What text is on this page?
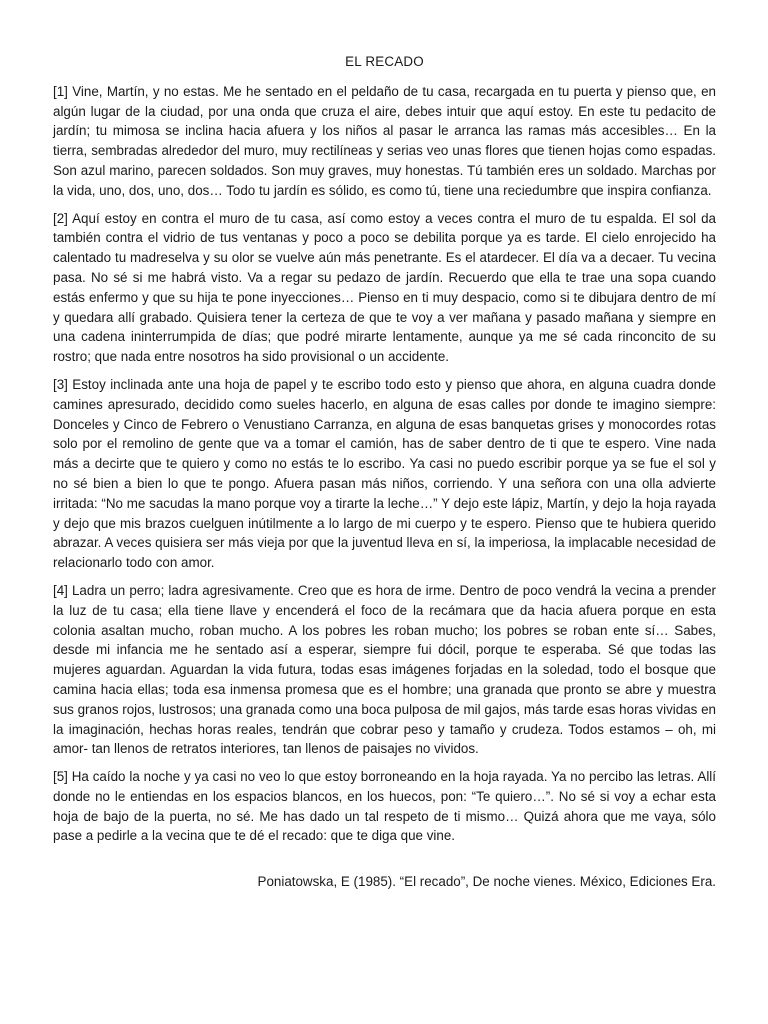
EL RECADO

[1] Vine, Martín, y no estas. Me he sentado en el peldaño de tu casa, recargada en tu puerta y pienso que, en algún lugar de la ciudad, por una onda que cruza el aire, debes intuir que aquí estoy. En este tu pedacito de jardín; tu mimosa se inclina hacia afuera y los niños al pasar le arranca las ramas más accesibles… En la tierra, sembradas alrededor del muro, muy rectilíneas y serias veo unas flores que tienen hojas como espadas. Son azul marino, parecen soldados. Son muy graves, muy honestas. Tú también eres un soldado. Marchas por la vida, uno, dos, uno, dos… Todo tu jardín es sólido, es como tú, tiene una reciedumbre que inspira confianza.

[2] Aquí estoy en contra el muro de tu casa, así como estoy a veces contra el muro de tu espalda. El sol da también contra el vidrio de tus ventanas y poco a poco se debilita porque ya es tarde. El cielo enrojecido ha calentado tu madreselva y su olor se vuelve aún más penetrante. Es el atardecer. El día va a decaer. Tu vecina pasa. No sé si me habrá visto. Va a regar su pedazo de jardín. Recuerdo que ella te trae una sopa cuando estás enfermo y que su hija te pone inyecciones… Pienso en ti muy despacio, como si te dibujara dentro de mí y quedara allí grabado. Quisiera tener la certeza de que te voy a ver mañana y pasado mañana y siempre en una cadena ininterrumpida de días; que podré mirarte lentamente, aunque ya me sé cada rinconcito de su rostro; que nada entre nosotros ha sido provisional o un accidente.

[3] Estoy inclinada ante una hoja de papel y te escribo todo esto y pienso que ahora, en alguna cuadra donde camines apresurado, decidido como sueles hacerlo, en alguna de esas calles por donde te imagino siempre: Donceles y Cinco de Febrero o Venustiano Carranza, en alguna de esas banquetas grises y monocordes rotas solo por el remolino de gente que va a tomar el camión, has de saber dentro de ti que te espero. Vine nada más a decirte que te quiero y como no estás te lo escribo. Ya casi no puedo escribir porque ya se fue el sol y no sé bien a bien lo que te pongo. Afuera pasan más niños, corriendo. Y una señora con una olla advierte irritada: “No me sacudas la mano porque voy a tirarte la leche…” Y dejo este lápiz, Martín, y dejo la hoja rayada y dejo que mis brazos cuelguen inútilmente a lo largo de mi cuerpo y te espero. Pienso que te hubiera querido abrazar. A veces quisiera ser más vieja por que la juventud lleva en sí, la imperiosa, la implacable necesidad de relacionarlo todo con amor.

[4] Ladra un perro; ladra agresivamente. Creo que es hora de irme. Dentro de poco vendrá la vecina a prender la luz de tu casa; ella tiene llave y encenderá el foco de la recámara que da hacia afuera porque en esta colonia asaltan mucho, roban mucho. A los pobres les roban mucho; los pobres se roban ente sí… Sabes, desde mi infancia me he sentado así a esperar, siempre fui dócil, porque te esperaba. Sé que todas las mujeres aguardan. Aguardan la vida futura, todas esas imágenes forjadas en la soledad, todo el bosque que camina hacia ellas; toda esa inmensa promesa que es el hombre; una granada que pronto se abre y muestra sus granos rojos, lustrosos; una granada como una boca pulposa de mil gajos, más tarde esas horas vividas en la imaginación, hechas horas reales, tendrán que cobrar peso y tamaño y crudeza. Todos estamos – oh, mi amor- tan llenos de retratos interiores, tan llenos de paisajes no vividos.

[5] Ha caído la noche y ya casi no veo lo que estoy borroneando en la hoja rayada. Ya no percibo las letras. Allí donde no le entiendas en los espacios blancos, en los huecos, pon: “Te quiero…”. No sé si voy a echar esta hoja de bajo de la puerta, no sé. Me has dado un tal respeto de ti mismo… Quizá ahora que me vaya, sólo pase a pedirle a la vecina que te dé el recado: que te diga que vine.

Poniatowska, E (1985). “El recado”, De noche vienes. México, Ediciones Era.
